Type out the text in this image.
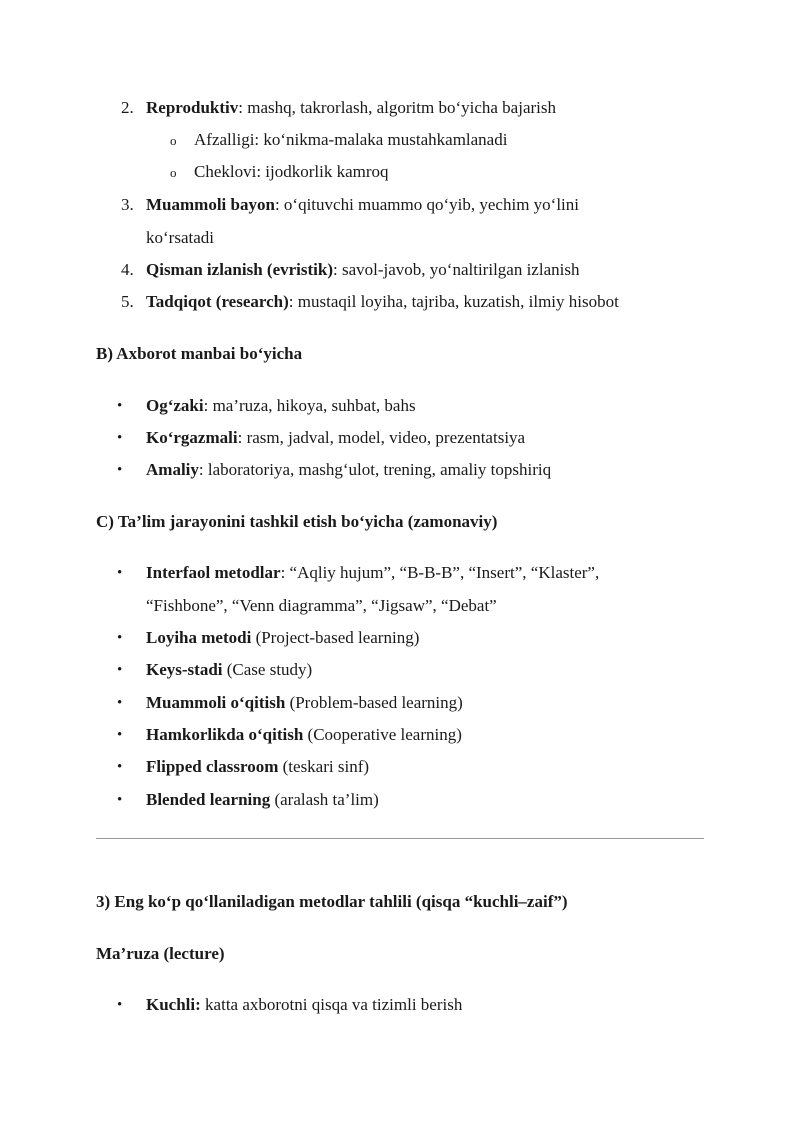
2. Reproduktiv: mashq, takrorlash, algoritm bo‘yicha bajarish
o Afzalligi: ko‘nikma-malaka mustahkamlanadi
o Cheklovi: ijodkorlik kamroq
3. Muammoli bayon: o‘qituvchi muammo qo‘yib, yechim yo‘lini
ko‘rsatadi
4. Qisman izlanish (evristik): savol-javob, yo‘naltirilgan izlanish
5. Tadqiqot (research): mustaqil loyiha, tajriba, kuzatish, ilmiy hisobot
B) Axborot manbai bo‘yicha
• Og‘zaki: ma’ruza, hikoya, suhbat, bahs
• Ko‘rgazmali: rasm, jadval, model, video, prezentatsiya
• Amaliy: laboratoriya, mashg‘ulot, trening, amaliy topshiriq
C) Ta’lim jarayonini tashkil etish bo‘yicha (zamonaviy)
• Interfaol metodlar: “Aqliy hujum”, “B-B-B”, “Insert”, “Klaster”,
“Fishbone”, “Venn diagramma”, “Jigsaw”, “Debat”
• Loyiha metodi (Project-based learning)
• Keys-stadi (Case study)
• Muammoli o‘qitish (Problem-based learning)
• Hamkorlikda o‘qitish (Cooperative learning)
• Flipped classroom (teskari sinf)
• Blended learning (aralash ta’lim)
3) Eng ko‘p qo‘llaniladigan metodlar tahlili (qisqa “kuchli–zaif”)
Ma’ruza (lecture)
• Kuchli: katta axborotni qisqa va tizimli berish
